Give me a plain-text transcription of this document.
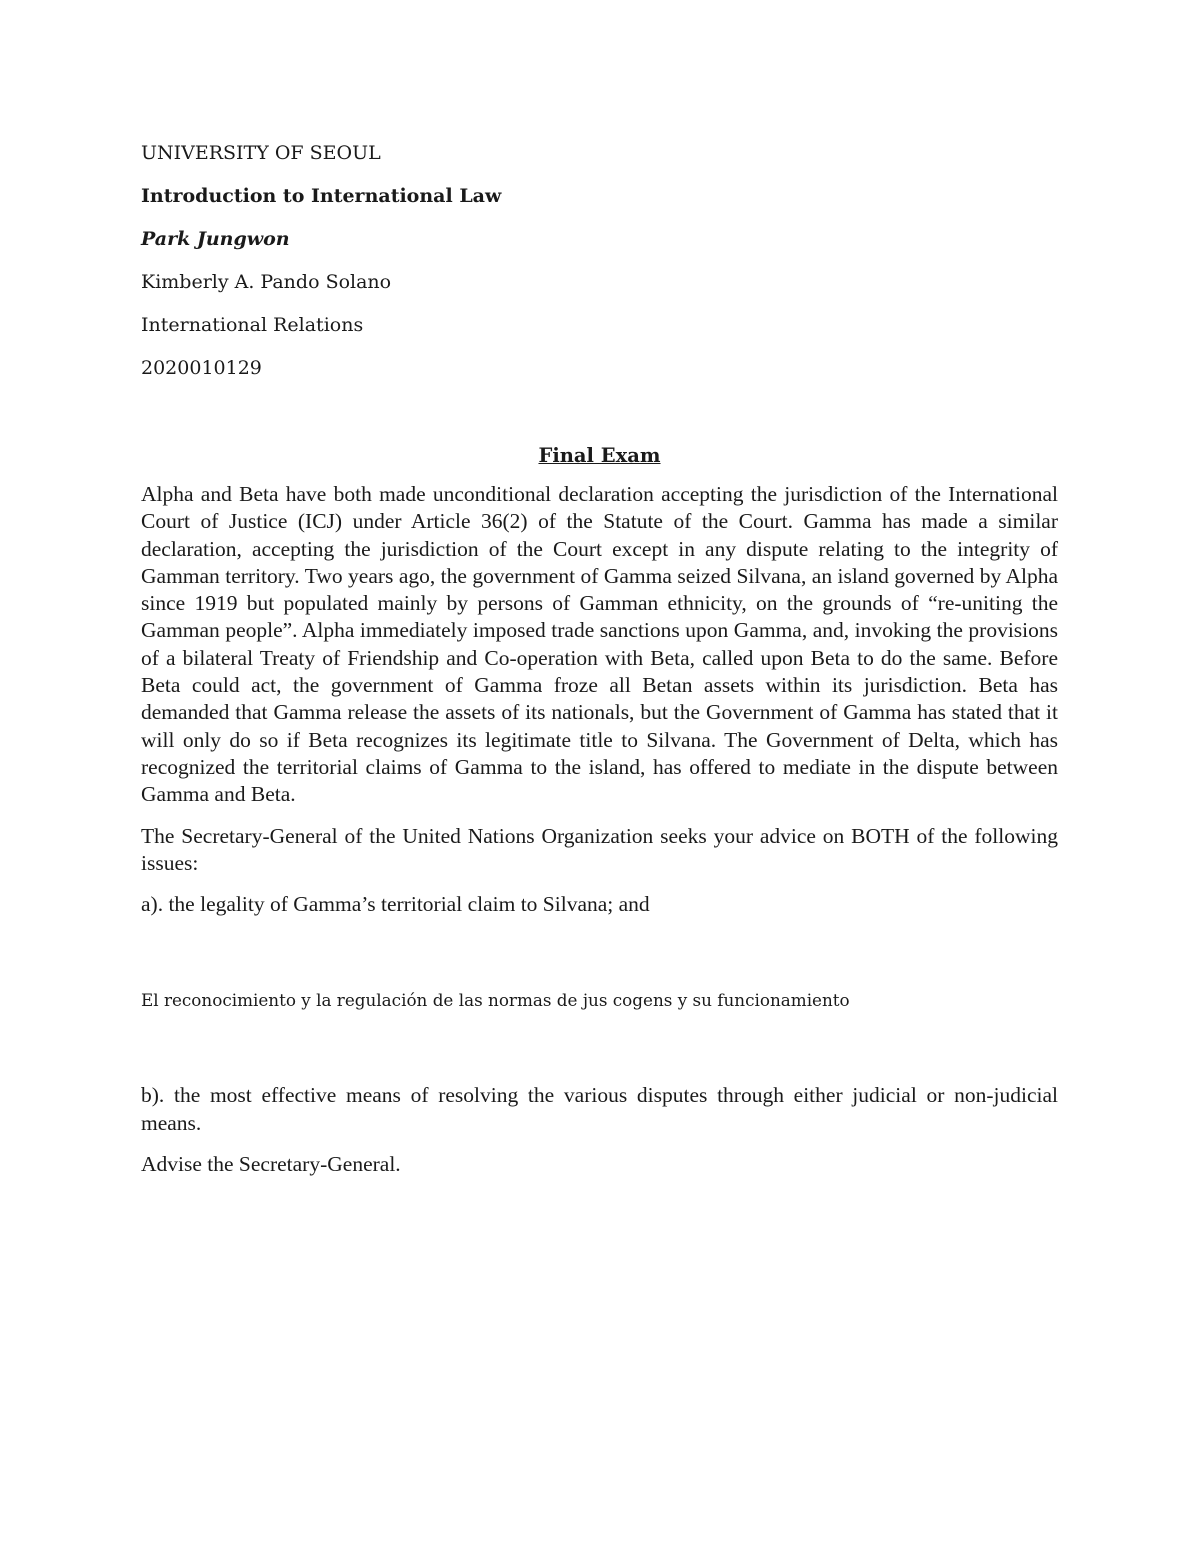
UNIVERSITY OF SEOUL
Introduction to International Law
Park Jungwon
Kimberly A. Pando Solano
International Relations
2020010129
Final Exam

Alpha and Beta have both made unconditional declaration accepting the jurisdiction of the International Court of Justice (ICJ) under Article 36(2) of the Statute of the Court. Gamma has made a similar declaration, accepting the jurisdiction of the Court except in any dispute relating to the integrity of Gamman territory. Two years ago, the government of Gamma seized Silvana, an island governed by Alpha since 1919 but populated mainly by persons of Gamman ethnicity, on the grounds of “re-uniting the Gamman people”. Alpha immediately imposed trade sanctions upon Gamma, and, invoking the provisions of a bilateral Treaty of Friendship and Co-operation with Beta, called upon Beta to do the same. Before Beta could act, the government of Gamma froze all Betan assets within its jurisdiction. Beta has demanded that Gamma release the assets of its nationals, but the Government of Gamma has stated that it will only do so if Beta recognizes its legitimate title to Silvana. The Government of Delta, which has recognized the territorial claims of Gamma to the island, has offered to mediate in the dispute between Gamma and Beta.

The Secretary-General of the United Nations Organization seeks your advice on BOTH of the following issues:

a). the legality of Gamma’s territorial claim to Silvana; and

El reconocimiento y la regulación de las normas de jus cogens y su funcionamiento

b). the most effective means of resolving the various disputes through either judicial or non-judicial means.

Advise the Secretary-General.
